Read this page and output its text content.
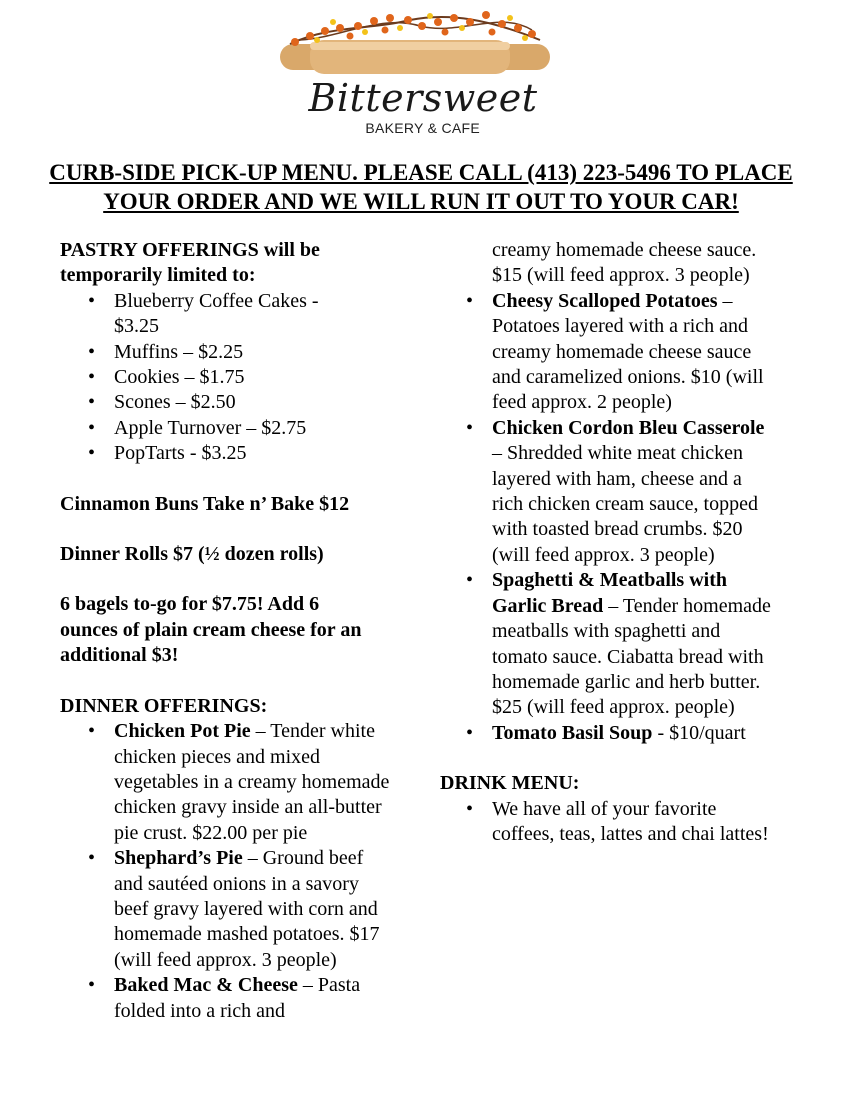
Bittersweet
BAKERY & CAFE
CURB-SIDE PICK-UP MENU. PLEASE CALL (413) 223-5496 TO PLACE
YOUR ORDER AND WE WILL RUN IT OUT TO YOUR CAR!

PASTRY OFFERINGS will be
temporarily limited to:

• Blueberry Coffee Cakes - $3.25
• Muffins – $2.25
• Cookies – $1.75
• Scones – $2.50
• Apple Turnover – $2.75
• PopTarts - $3.25

Cinnamon Buns Take n’ Bake $12

Dinner Rolls $7 (½ dozen rolls)

6 bagels to-go for $7.75! Add 6 ounces of plain cream cheese for an additional $3!

DINNER OFFERINGS:

• Chicken Pot Pie – Tender white chicken pieces and mixed vegetables in a creamy homemade chicken gravy inside an all-butter pie crust. $22.00 per pie
• Shephard’s Pie – Ground beef and sautéed onions in a savory beef gravy layered with corn and homemade mashed potatoes. $17 (will feed approx. 3 people)
• Baked Mac & Cheese – Pasta folded into a rich and
creamy homemade cheese sauce. $15 (will feed approx. 3 people)
• Cheesy Scalloped Potatoes – Potatoes layered with a rich and creamy homemade cheese sauce and caramelized onions. $10 (will feed approx. 2 people)
• Chicken Cordon Bleu Casserole – Shredded white meat chicken layered with ham, cheese and a rich chicken cream sauce, topped with toasted bread crumbs. $20 (will feed approx. 3 people)
• Spaghetti & Meatballs with Garlic Bread – Tender homemade meatballs with spaghetti and tomato sauce. Ciabatta bread with homemade garlic and herb butter. $25 (will feed approx. people)
• Tomato Basil Soup - $10/quart

DRINK MENU:

• We have all of your favorite coffees, teas, lattes and chai lattes!
